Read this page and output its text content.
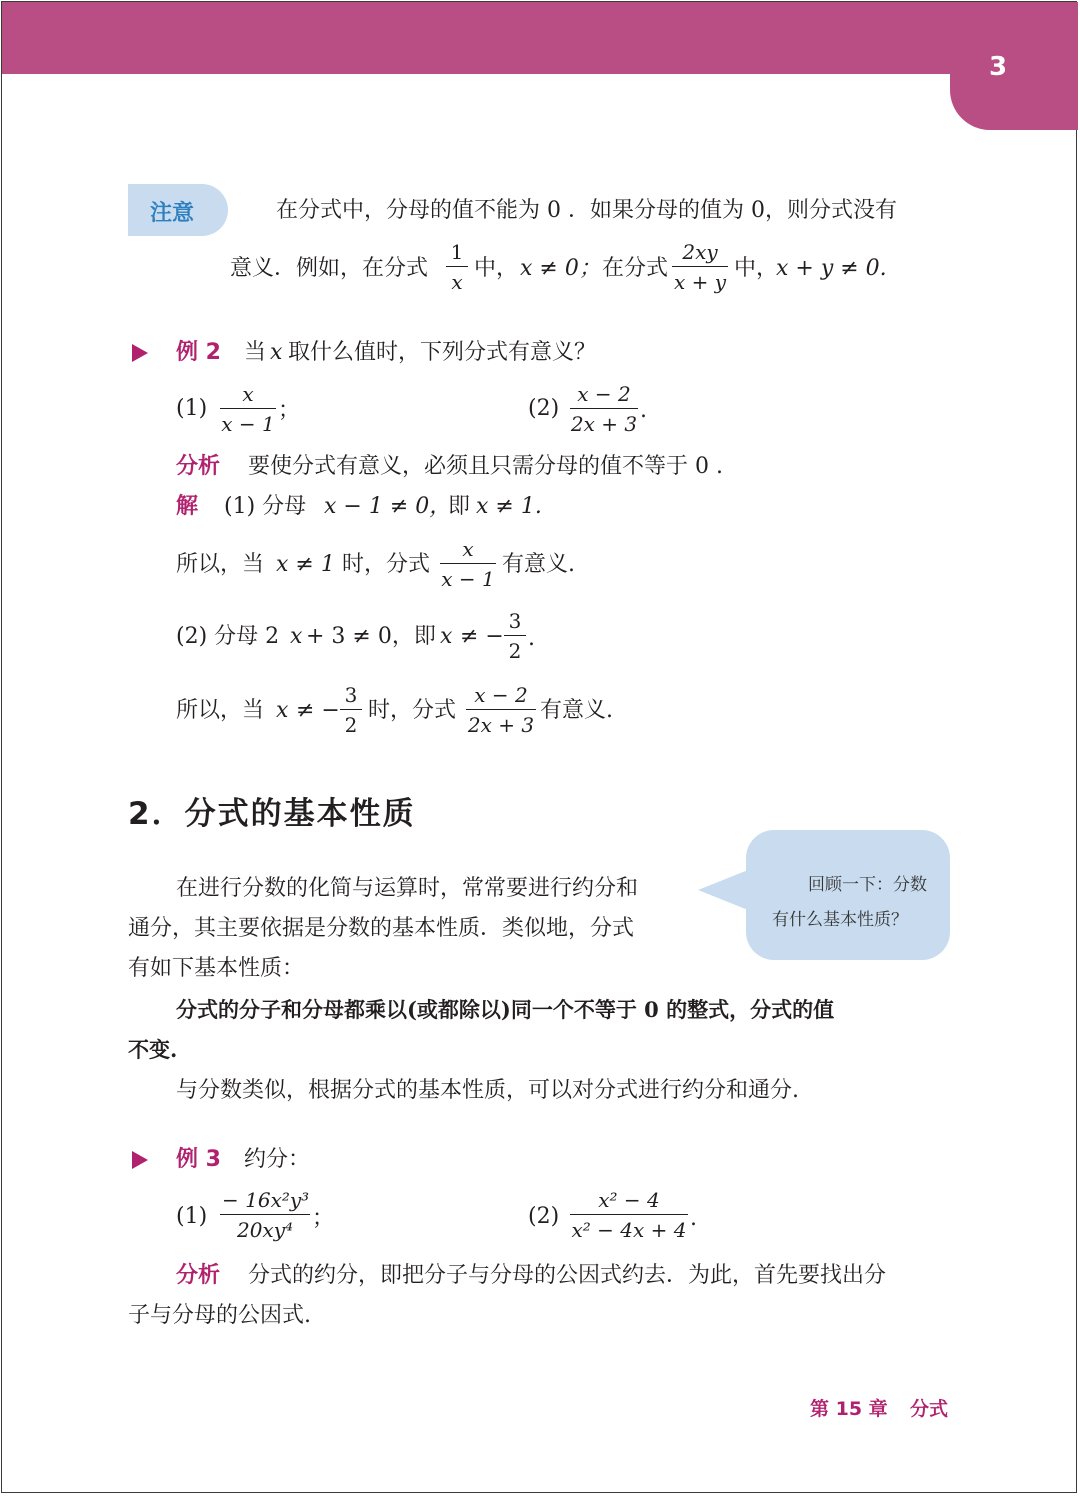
3
注意	在分式中，分母的值不能为 0 ．如果分母的值为 0，则分式没有
意义．例如，在分式 $\frac{1}{x}$ 中， x ≠ 0； 在分式 $\frac{2xy}{x + y}$ 中，
x + y ≠ 0.
例 2 当 x 取什么值时，下列分式有意义？
$(1) \frac{x}{x - 1}$ ；	$(2) \frac{x - 2}{2x + 3}$ .
分析 要使分式有意义，必须且只需分母的值不等于 0 .
解 (1) 分母 x − 1 ≠ 0，
即 x ≠ 1.
所以，当 x ≠ 1 时，分式 $\frac{x}{x - 1}$ 有意义.
(2) 分母 2 x + 3 ≠ 0，即 x ≠ − $\frac{3}{2}$ .
所以，当 x ≠ − $\frac{3}{2}$ 时，分式 $\frac{x - 2}{2x + 3}$ 有意义.
2．分式的基本性质
回顾一下：分数
有什么基本性质？
在进行分数的化简与运算时，常常要进行约分和
通分，其主要依据是分数的基本性质．类似地，分式
有如下基本性质：
分式的分子和分母都乘以(或都除以)同一个不等于 0 的整式，分式的值
不变.
与分数类似，根据分式的基本性质，可以对分式进行约分和通分.
例 3 约分：
$(1) \frac{\text{− 16x²y³}}{\text{20xy⁴}}$ ；	$(2) \frac{\text{x² − 4}}{\text{x² − 4x + 4}}$ .
分析 分式的约分，即把分子与分母的公因式约去．为此，首先要找出分
子与分母的公因式.
第 15 章 分式
